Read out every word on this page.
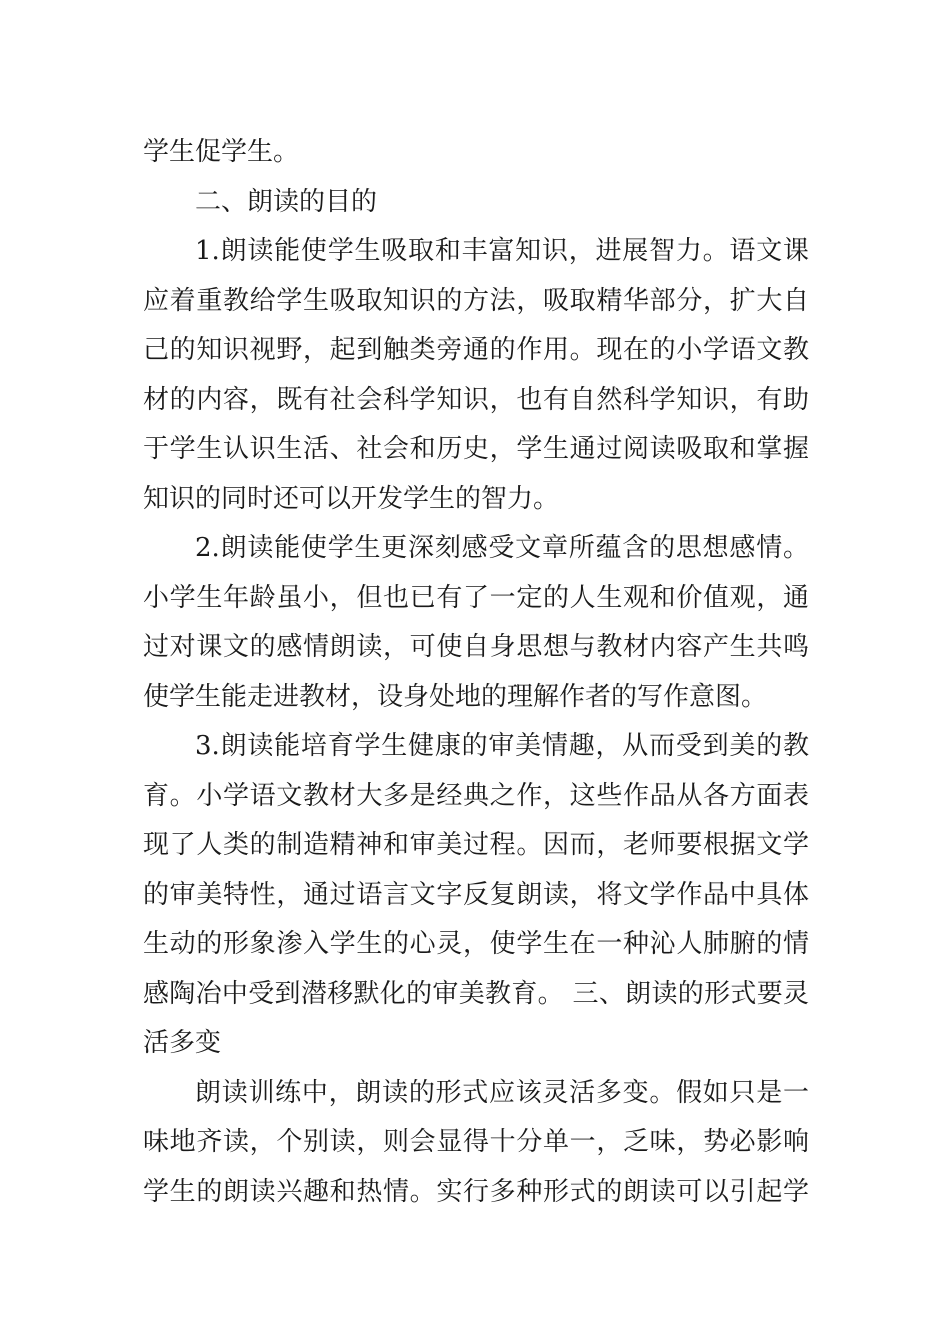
学生促学生。
二、朗读的目的
1.朗读能使学生吸取和丰富知识，进展智力。语文课
应着重教给学生吸取知识的方法，吸取精华部分，扩大自
己的知识视野，起到触类旁通的作用。现在的小学语文教
材的内容，既有社会科学知识，也有自然科学知识，有助
于学生认识生活、社会和历史，学生通过阅读吸取和掌握
知识的同时还可以开发学生的智力。
2.朗读能使学生更深刻感受文章所蕴含的思想感情。
小学生年龄虽小，但也已有了一定的人生观和价值观，通
过对课文的感情朗读，可使自身思想与教材内容产生共鸣
使学生能走进教材，设身处地的理解作者的写作意图。
3.朗读能培育学生健康的审美情趣，从而受到美的教
育。小学语文教材大多是经典之作，这些作品从各方面表
现了人类的制造精神和审美过程。因而，老师要根据文学
的审美特性，通过语言文字反复朗读，将文学作品中具体
生动的形象渗入学生的心灵，使学生在一种沁人肺腑的情
感陶冶中受到潜移默化的审美教育。 三、朗读的形式要灵
活多变
朗读训练中，朗读的形式应该灵活多变。假如只是一
味地齐读，个别读，则会显得十分单一，乏味，势必影响
学生的朗读兴趣和热情。实行多种形式的朗读可以引起学
